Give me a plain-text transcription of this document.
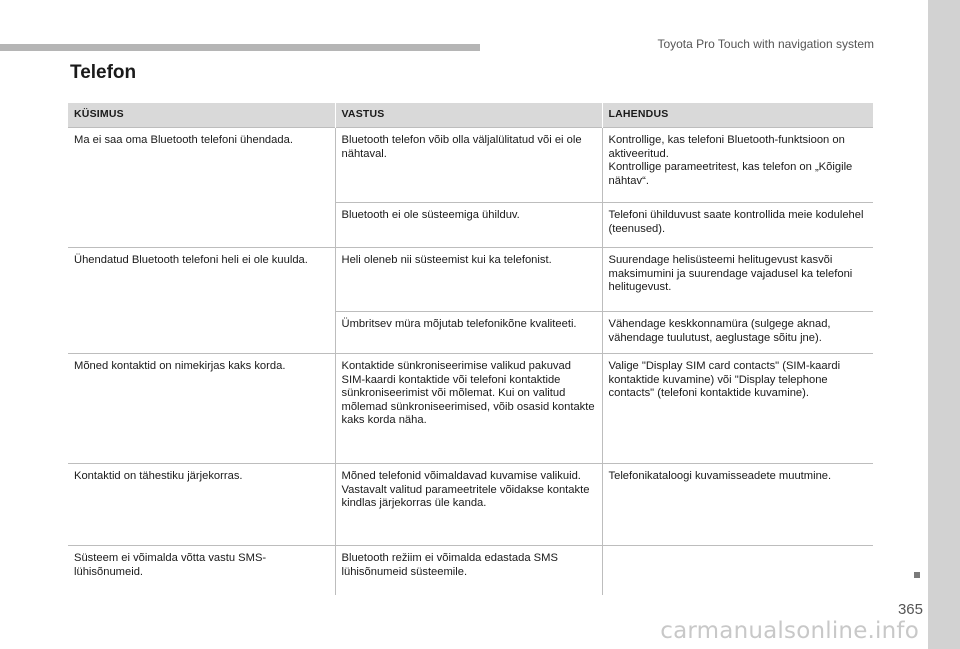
Toyota Pro Touch with navigation system
Telefon
KÜSIMUS	VASTUS	LAHENDUS
Ma ei saa oma Bluetooth telefoni ühendada.	Bluetooth telefon võib olla väljalülitatud või ei ole nähtaval.	Kontrollige, kas telefoni Bluetooth-funktsioon on aktiveeritud.
Kontrollige parameetritest, kas telefon on „Kõigile nähtav“.

	Bluetooth ei ole süsteemiga ühilduv.	Telefoni ühilduvust saate kontrollida meie kodulehel (teenused).
Ühendatud Bluetooth telefoni heli ei ole kuulda.	Heli oleneb nii süsteemist kui ka telefonist.	Suurendage helisüsteemi helitugevust kasvõi maksimumini ja suurendage vajadusel ka telefoni helitugevust.
	Ümbritsev müra mõjutab telefonikõne kvaliteeti.	Vähendage keskkonnamüra (sulgege aknad, vähendage tuulutust, aeglustage sõitu jne).
Mõned kontaktid on nimekirjas kaks korda.	Kontaktide sünkroniseerimise valikud pakuvad SIM-kaardi kontaktide või telefoni kontaktide sünkroniseerimist või mõlemat. Kui on valitud mõlemad sünkroniseerimised, võib osasid kontakte kaks korda näha.	Valige "Display SIM card contacts" (SIM-kaardi kontaktide kuvamine) või "Display telephone contacts" (telefoni kontaktide kuvamine).
Kontaktid on tähestiku järjekorras.	Mõned telefonid võimaldavad kuvamise valikuid. Vastavalt valitud parameetritele võidakse kontakte kindlas järjekorras üle kanda.	Telefonikataloogi kuvamisseadete muutmine.
Süsteem ei võimalda võtta vastu SMS-lühisõnumeid.	Bluetooth režiim ei võimalda edastada SMS lühisõnumeid süsteemile.	
365
carmanualsonline.info
